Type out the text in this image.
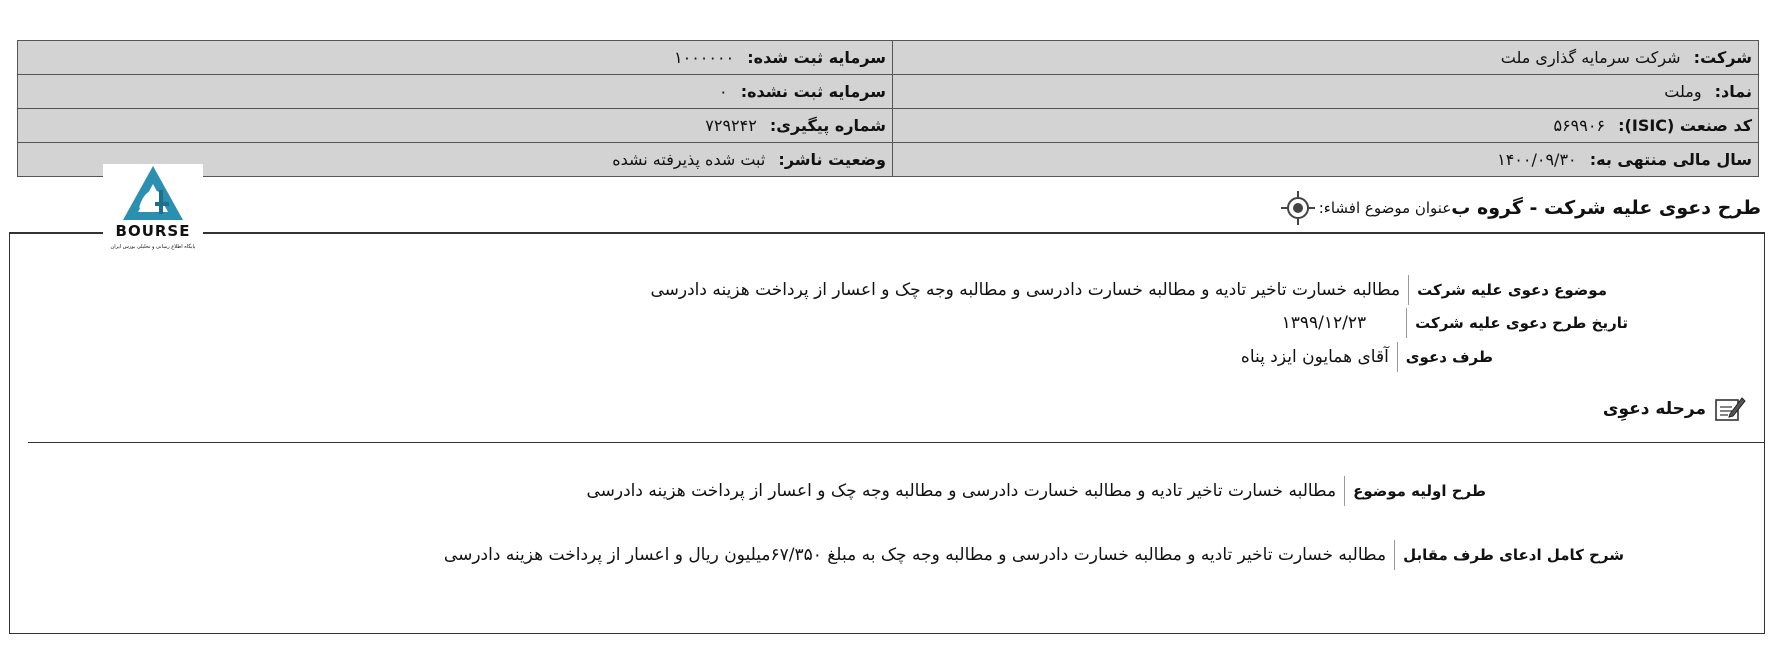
شرکت: شرکت سرمایه گذاری ملت	سرمایه ثبت شده: ۱۰۰۰۰۰۰
نماد: وملت	سرمایه ثبت نشده: ۰
کد صنعت (ISIC): ۵۶۹۹۰۶	شماره پیگیری: ۷۲۹۲۴۲
سال مالی منتهی به: ۱۴۰۰/۰۹/۳۰	وضعیت ناشر: ثبت شده پذیرفته نشده
BOURSE
پایگاه اطلاع رسانی و تحلیلی بورس ایران
عنوان موضوع افشاء: طرح دعوی علیه شرکت - گروه ب
موضوع دعوی علیه شرکت
مطالبه خسارت تاخیر تادیه و مطالبه خسارت دادرسی و مطالبه وجه چک و اعسار از پرداخت هزینه دادرسی
تاریخ طرح دعوی علیه شرکت
۱۳۹۹/۱۲/۲۳
طرف دعوی
آقای همایون ایزد پناه
مرحله دعوِی
طرح اولیه موضوع
مطالبه خسارت تاخیر تادیه و مطالبه خسارت دادرسی و مطالبه وجه چک و اعسار از پرداخت هزینه دادرسی
شرح کامل ادعای طرف مقابل
مطالبه خسارت تاخیر تادیه و مطالبه خسارت دادرسی و مطالبه وجه چک به مبلغ ۶۷/۳۵۰میلیون ریال و اعسار از پرداخت هزینه دادرسی
